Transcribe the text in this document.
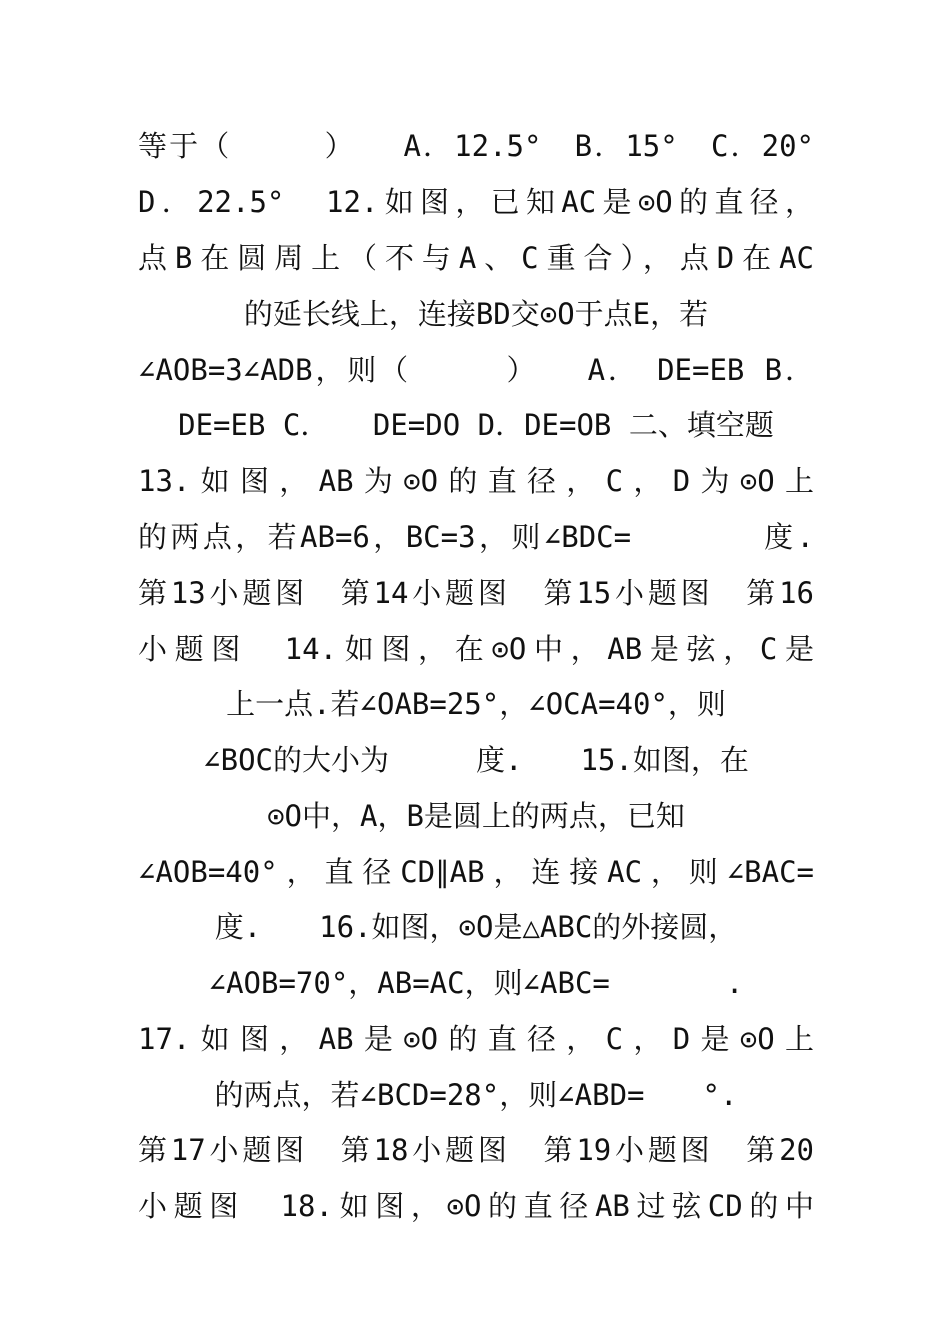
等于（　　　）　　A．12.5°　B．15°　C．20°
D．22.5°　12.如图，已知AC是⊙O的直径，
点B在圆周上（不与A、C重合），点D在AC
的延长线上，连接BD交⊙O于点E，若
∠AOB=3∠ADB，则（　　　）　　A．　DE=EB B．
DE=EB C．　　DE=DO D．DE=OB 二、填空题
13.如图，AB为⊙O的直径，C，D为⊙O上
的两点，若AB=6，BC=3，则∠BDC=　　　　度.
第13小题图　第14小题图　第15小题图　第16
小题图　14.如图，在⊙O中，AB是弦，C是
上一点.若∠OAB=25°，∠OCA=40°，则
∠BOC的大小为　　　度.　　15.如图，在
⊙O中，A，B是圆上的两点，已知
∠AOB=40°，直径CD∥AB，连接AC，则∠BAC=
度.　　16.如图，⊙O是△ABC的外接圆，
∠AOB=70°，AB=AC，则∠ABC=　　　　.
17.如图，AB是⊙O的直径，C，D是⊙O上
的两点，若∠BCD=28°，则∠ABD=　　°.
第17小题图　第18小题图　第19小题图　第20
小题图　18.如图，⊙O的直径AB过弦CD的中
